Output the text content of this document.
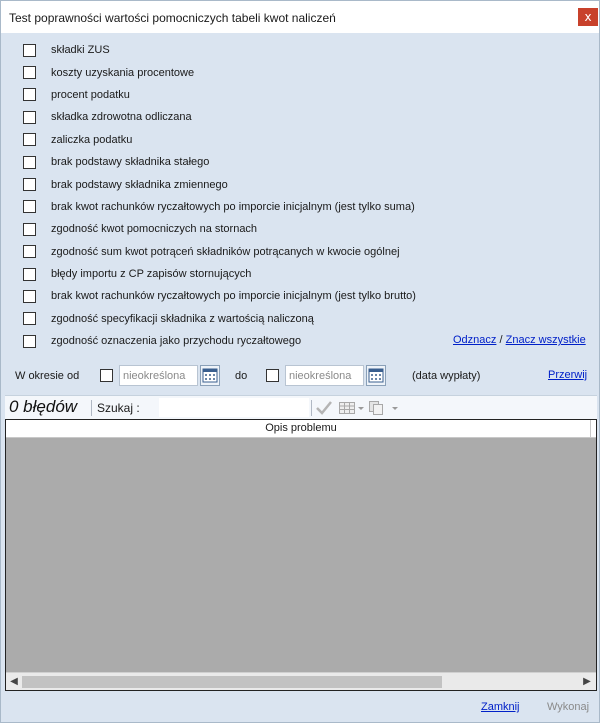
Test poprawności wartości pomocniczych tabeli kwot naliczeń	x
składki ZUS
koszty uzyskania procentowe
procent podatku
składka zdrowotna odliczana
zaliczka podatku
brak podstawy składnika stałego
brak podstawy składnika zmiennego
brak kwot rachunków ryczałtowych po imporcie inicjalnym (jest tylko suma)
zgodność kwot pomocniczych na stornach
zgodność sum kwot potrąceń składników potrącanych w kwocie ogólnej
błędy importu z CP zapisów stornujących
brak kwot rachunków ryczałtowych po imporcie inicjalnym (jest tylko brutto)
zgodność specyfikacji składnika z wartością naliczoną
zgodność oznaczenia jako przychodu ryczałtowego	Odznacz / Znacz wszystkie
W okresie od
nieokreślona	do
nieokreślona	(data wypłaty)	Przerwij
0 błędów Szukaj :
Opis problemu
◀	▶
Zamknij Wykonaj
